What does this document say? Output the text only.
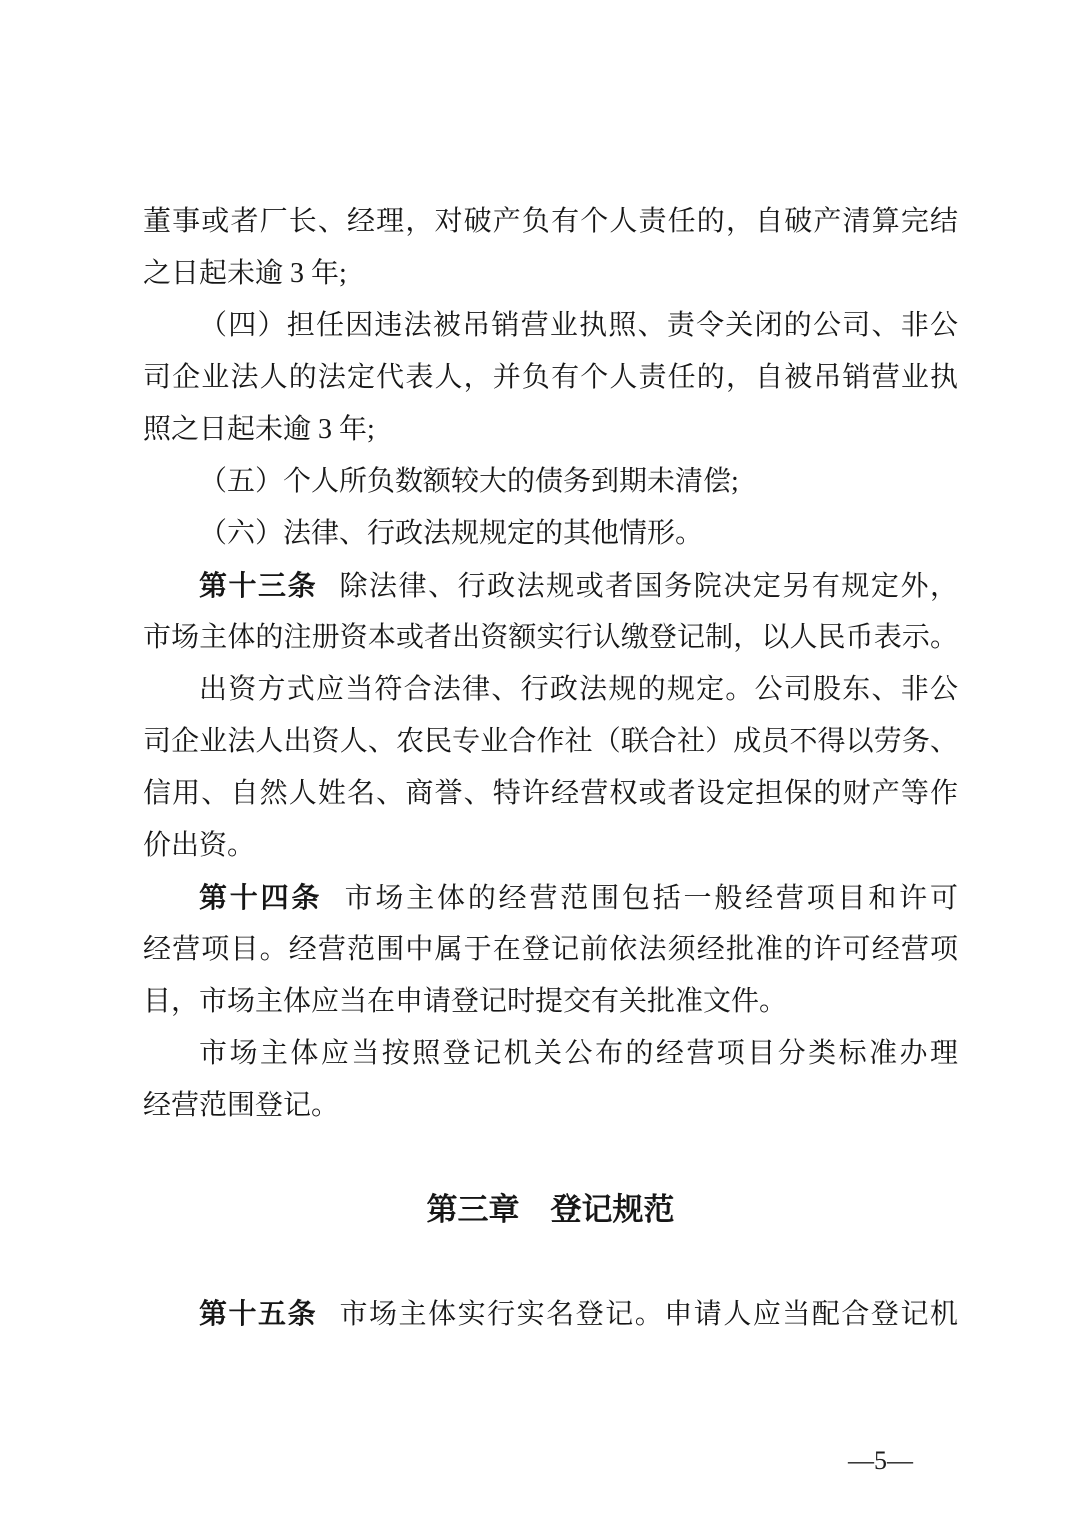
董事或者厂长、经理，对破产负有个人责任的，自破产清算完结
之日起未逾 3 年;
（四）担任因违法被吊销营业执照、责令关闭的公司、非公
司企业法人的法定代表人，并负有个人责任的，自被吊销营业执
照之日起未逾 3 年;
（五）个人所负数额较大的债务到期未清偿;
（六）法律、行政法规规定的其他情形。
第十三条 除法律、行政法规或者国务院决定另有规定外，
市场主体的注册资本或者出资额实行认缴登记制，以人民币表示。
出资方式应当符合法律、行政法规的规定。公司股东、非公
司企业法人出资人、农民专业合作社（联合社）成员不得以劳务、
信用、自然人姓名、商誉、特许经营权或者设定担保的财产等作
价出资。
第十四条 市场主体的经营范围包括一般经营项目和许可
经营项目。经营范围中属于在登记前依法须经批准的许可经营项
目，市场主体应当在申请登记时提交有关批准文件。
市场主体应当按照登记机关公布的经营项目分类标准办理
经营范围登记。
第三章 登记规范
第十五条 市场主体实行实名登记。申请人应当配合登记机
—5—
